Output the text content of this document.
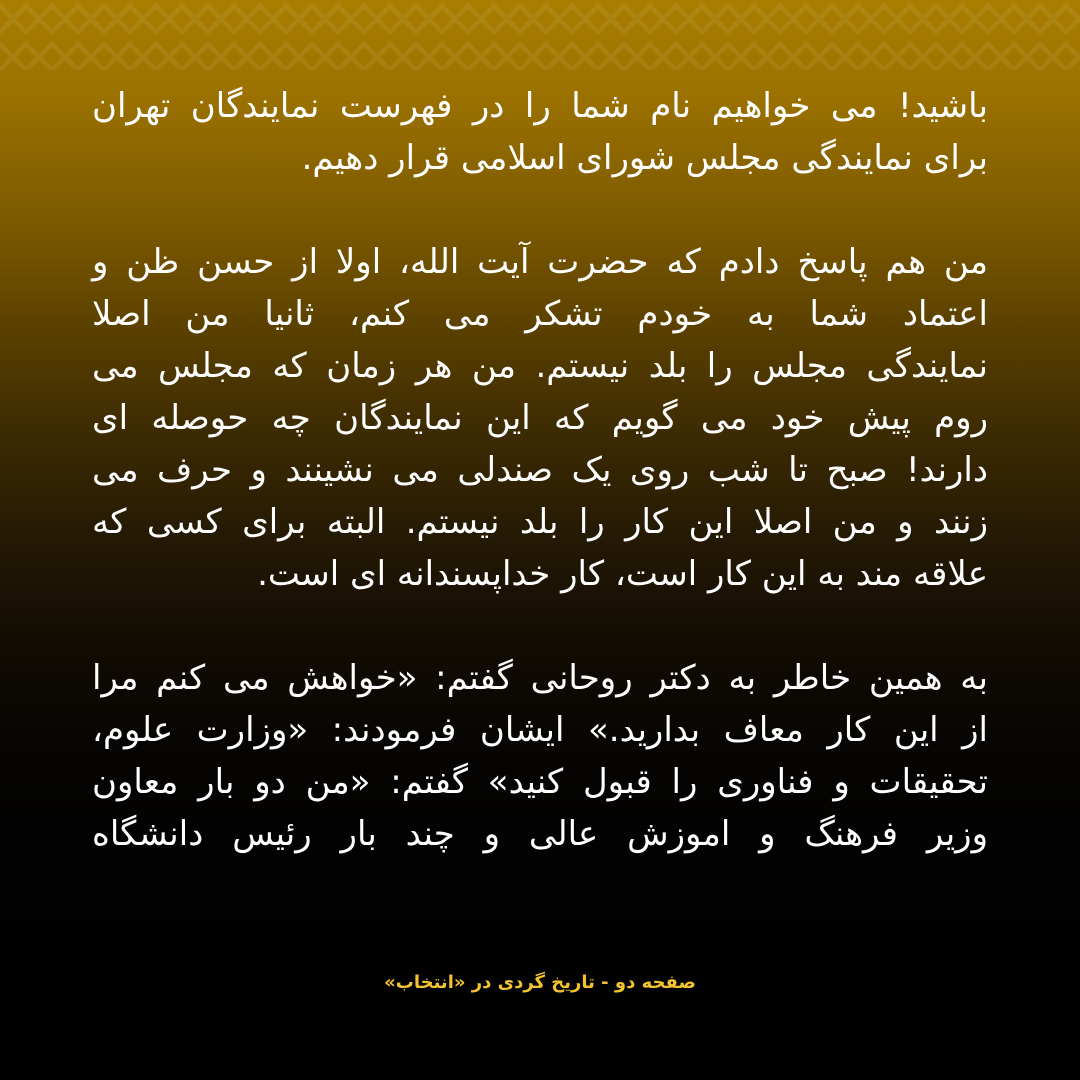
باشید! می خواهیم نام شما را در فهرست نمایندگان تهران
برای نمایندگی مجلس شورای اسلامی قرار دهیم.

من هم پاسخ دادم که حضرت آیت الله، اولا از حسن ظن و
اعتماد شما به خودم تشکر می کنم، ثانیا من اصلا
نمایندگی مجلس را بلد نیستم. من هر زمان که مجلس می
روم پیش خود می گویم که این نمایندگان چه حوصله ای
دارند! صبح تا شب روی یک صندلی می نشینند و حرف می
زنند و من اصلا این کار را بلد نیستم. البته برای کسی که
علاقه مند به این کار است، کار خداپسندانه ای است.

به همین خاطر به دکتر روحانی گفتم: «خواهش می کنم مرا
از این کار معاف بدارید.» ایشان فرمودند: «وزارت علوم،
تحقیقات و فناوری را قبول کنید» گفتم: «من دو بار معاون
وزیر فرهنگ و اموزش عالی و چند بار رئیس دانشگاه

صفحه دو - تاریخ گردی در «انتخاب»
